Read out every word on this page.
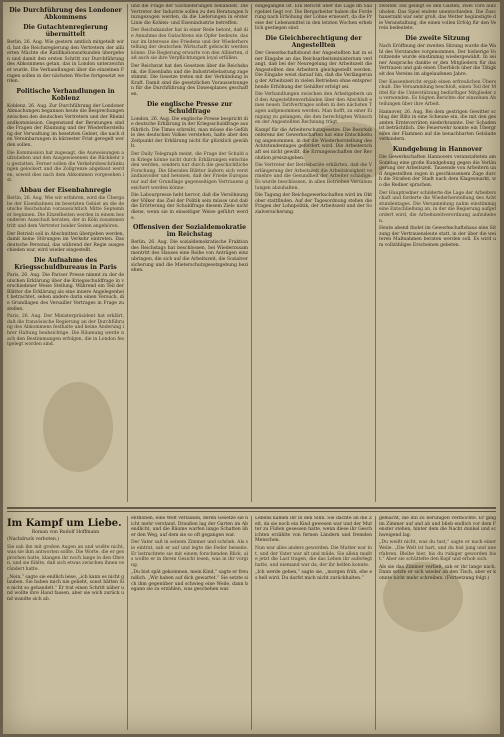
Die Durchführung des Londoner Abkommens
Die Gutachtenregierung übermittelt
Berlin, 26. Aug. Wie gestern amtlich mitgeteilt wird, hat die Reichsregierung den Vertretern der alliierten Mächte die Ratifikationsurkunden übergeben und damit den ersten Schritt zur Durchführung des Abkommens getan, das in London unterzeichnet wurde. Die Verhandlungen über die einzelnen Fragen sollen in der nächsten Woche fortgesetzt werden.
Politische Verhandlungen in Koblenz
Koblenz, 26. Aug. Zur Durchführung der Londoner Abmachungen begannen heute die Besprechungen zwischen den deutschen Vertretern und der Rheinlandkommission. Gegenstand der Beratungen sind die Fragen der Räumung und der Wiederherstellung der Verwaltung im besetzten Gebiet, die nach den Vereinbarungen in kürzester Frist geregelt werden sollen.
Die Kommission hat zugesagt, die Ausweisungen aufzuheben und den Ausgewiesenen die Rückkehr zu gestatten. Ferner sollen die Verkehrsbeschränkungen gelockert und die Zollgrenze abgebaut werden, soweit dies nach dem Abkommen vorgesehen ist.
Abbau der Eisenbahnregie
Berlin, 26. Aug. Wie wir erfahren, wird die Übergabe der Eisenbahnen im besetzten Gebiet an die deutsche Reichsbahn voraussichtlich Mitte September beginnen. Die Einzelheiten werden in einem besonderen Ausschuß beraten, der in Köln zusammentritt und dem Vertreter beider Seiten angehören.
Der Betrieb soll in Abschnitten übergeben werden, damit keine Störungen im Verkehr eintreten. Das deutsche Personal, das während der Regie ausgeschieden war, wird wieder eingestellt.
Die Aufnahme des Kriegsschuldbureaus in Paris
Paris, 26. Aug. Die Pariser Presse nimmt zu der deutschen Erklärung über die Kriegsschuldfrage in verschiedener Weise Stellung. Während ein Teil der Blätter die Erklärung als eine innere Angelegenheit betrachtet, sehen andere darin einen Versuch, die Grundlagen des Versailler Vertrages in Frage zu stellen.
Paris, 26. Aug. Der Ministerpräsident hat erklärt, daß die französische Regierung an der Durchführung des Abkommens festhalte und keine Änderung ihrer Haltung beabsichtige. Die Räumung werde nach den Bestimmungen erfolgen, die in London festgelegt worden sind.
und die Frage der Sachlieferungen behandelt. Die Vertreter der Industrie sollen zu den Beratungen hinzugezogen werden, da die Lieferungen in erster Linie die Kohlen- und Eisenindustrie betreffen.
Der Reichskanzler hat in einer Rede betont, daß die Annahme des Gutachtens ein Opfer bedeute, das nur im Interesse des Friedens und der Wiederherstellung der deutschen Wirtschaft gebracht werden könne. Die Regierung erwarte von den Alliierten, daß auch sie ihre Verpflichtungen loyal erfüllen.
Der Reichsrat hat den Gesetzen über die Reichsbank, die Eisenbahn und die Industriebelastung zugestimmt. Die Gesetze treten mit der Verkündung in Kraft. Damit sind die gesetzlichen Voraussetzungen für die Durchführung des Dawesplanes geschaffen.
Die englische Presse zur Schuldfrage
London, 26. Aug. Die englische Presse bespricht die deutsche Erklärung in der Kriegsschuldfrage ausführlich. Die Times schreibt, man müsse die Gefühle des deutschen Volkes verstehen, halte aber den Zeitpunkt der Erklärung nicht für glücklich gewählt.
Der Daily Telegraph meint, die Frage der Schuld am Kriege könne nicht durch Erklärungen entschieden werden, sondern nur durch die geschichtliche Forschung. Die liberalen Blätter äußern sich verständnisvoller und betonen, daß der Friede Europas nur auf der Grundlage gegenseitigen Vertrauens gesichert werden könne.
Die Labourpresse hebt hervor, daß die Versöhnung der Völker das Ziel der Politik sein müsse und daß die Erörterung der Schuldfrage diesem Ziele nicht diene, wenn sie in einseitiger Weise geführt werde.
Offensiven der Sozialdemokratie im Reichstag
Berlin, 26. Aug. Die sozialdemokratische Fraktion des Reichstags hat beschlossen, bei Wiederzusammentritt des Hauses eine Reihe von Anträgen einzubringen, die sich auf die Arbeitszeit, die Sozialversicherung und die Mieterschutzgesetzgebung beziehen.
eingegangen ist. Ein Bericht über die Lage im Saargebiet liegt vor. Die Bergarbeiter haben die Forderung nach Erhöhung der Löhne erneuert, da die Preise der Lebensmittel in den letzten Wochen erheblich gestiegen sind.
Die Gleichberechtigung der Angestellten
Der Gewerkschaftsbund der Angestellten hat in einer Eingabe an das Reichsarbeitsministerium verlangt, daß bei der Neuregelung der Arbeitszeit die Angestellten den Arbeitern gleichgestellt werden. Die Eingabe weist darauf hin, daß die Verlängerung der Arbeitszeit in vielen Betrieben ohne entsprechende Erhöhung der Gehälter erfolgt sei.
Die Verhandlungen zwischen den Arbeitgebern und den Angestelltenverbänden über den Abschluß eines neuen Tarifvertrages sollen in den nächsten Tagen aufgenommen werden. Man hofft, zu einer Einigung zu gelangen, die den berechtigten Wünschen der Angestellten Rechnung trägt.
Kampf für die Arbeiterschutzgesetze. Die Bezirkskonferenz der Gewerkschaften hat eine Entschließung angenommen, in der die Wiederherstellung des Achtstundentages gefordert wird. Die Arbeiterschaft sei nicht gewillt, die Errungenschaften der Revolution preiszugeben.
Die Vertreter der Betriebsräte erklärten, daß die Verlängerung der Arbeitszeit die Arbeitslosigkeit vermehre und die Gesundheit der Arbeiter schädige. Es wurde beschlossen, in allen Betrieben Versammlungen abzuhalten.
Die Tagung der Reichsgewerkschaften wird im Oktober stattfinden. Auf der Tagesordnung stehen die Fragen der Lohnpolitik, der Arbeitszeit und der Sozialversicherung.
zweiten Teil gelingt es den Gästen, zwei Tore aufzuholen. Das Spiel endete unentschieden. Die Zuschauerzahl war sehr groß, das Wetter begünstigte die Veranstaltung, die einen vollen Erfolg für den Verein bedeutete.
Die zweite Sitzung
Nach Eröffnung der zweiten Sitzung wurde die Wahl des Vorstandes vorgenommen. Der bisherige Vorsitzende wurde einstimmig wiedergewählt. In seiner Ansprache dankte er den Mitgliedern für das Vertrauen und gab einen Überblick über die Tätigkeit des Vereins im abgelaufenen Jahre.
Der Kassenbericht ergab einen erfreulichen Überschuß. Die Versammlung beschloß, einen Teil der Mittel für die Unterstützung bedürftiger Mitglieder zu verwenden. Es folgten Berichte der einzelnen Abteilungen über ihre Arbeit.
Hannover, 26. Aug. Bei dem gestrigen Gewitter schlug der Blitz in eine Scheune ein, die mit den gesamten Erntevorräten niederbrannte. Der Schaden ist beträchtlich. Die Feuerwehr konnte ein Übergreifen der Flammen auf die benachbarten Gebäude verhindern.
Kundgebung in Hannover
Die Gewerkschaften Hannovers veranstalteten am Sonntag eine große Kundgebung gegen die Verlängerung der Arbeitszeit. Tausende von Arbeitern und Angestellten zogen in geschlossenem Zuge durch die Straßen der Stadt nach dem Klagesmarkt, wo die Redner sprachen.
Der Hauptredner schilderte die Lage der Arbeiterschaft und forderte die Wiederherstellung des Achtstundentages. Die Versammlung nahm einstimmig eine Entschließung an, in der die Regierung aufgefordert wird, die Arbeitszeitverordnung aufzuheben.
Heute abend findet im Gewerkschaftshaus eine Sitzung der Vertrauensleute statt, in der über die weiteren Maßnahmen beraten werden soll. Es wird um vollzähliges Erscheinen gebeten.
Im Kampf um Liebe.
Roman von Rudolf Hoffmann
(Nachdruck verboten.)
Sie sah ihn mit großen Augen an und wußte nicht, was sie ihm antworten sollte. Die Worte, die er gesprochen hatte, klangen ihr noch lange in den Ohren, und sie fühlte, daß sich etwas zwischen ihnen verändert hatte.
„Nein,“ sagte sie endlich leise, „ich kann es nicht glauben. Sie haben mich nie geliebt, sonst hätten Sie nicht so gehandelt.“ Er trat einen Schritt näher und wollte ihre Hand fassen, aber sie wich zurück und wandte sich ab.
entflohen, eine Welt verlassen, deren Gesetze sie nicht mehr verstand. Draußen lag der Garten im Abendlicht, und die Bäume warfen lange Schatten über den Weg, auf dem sie so oft gegangen war.
Der Vater saß in seinem Zimmer und schrieb. Als sie eintrat, sah er auf und legte die Feder beiseite. Er betrachtete sie mit einem forschenden Blick, als wollte er in ihrem Gesicht lesen, was in ihr vorging.
„Du bist spät gekommen, mein Kind,“ sagte er freundlich. „Wir haben auf dich gewartet.“ Sie setzte sich ihm gegenüber und schwieg eine Weile, dann begann sie zu erzählen, was geschehen war.
Lebens kamen ihr in den Sinn. Sie dachte an die Zeit, da sie noch ein Kind gewesen war und der Mutter zu Füßen gesessen hatte, wenn diese ihr Geschichten erzählte von fernen Ländern und fremden Menschen.
Nun war alles anders geworden. Die Mutter war tot, und der Vater war alt und müde. Sie allein mußte jetzt die Last tragen, die das Leben ihr auferlegt hatte, und niemand war da, der ihr helfen konnte.
„Ich werde gehen,“ sagte sie, „morgen früh, ehe es hell wird. Du darfst mich nicht zurückhalten.“
gemacht, die ihn zu beruhigen vermochte. Er ging im Zimmer auf und ab und blieb endlich vor dem Fenster stehen, hinter dem die Nacht dunkel und schweigend lag.
„Du weißt nicht, was du tust,“ sagte er nach einer Weile. „Die Welt ist hart, und du bist jung und unerfahren. Bleibe hier, bis du ruhiger geworden bist.“ Aber sie schüttelte den Kopf und erhob sich.
Als sie das Zimmer verließ, sah er ihr lange nach. Dann setzte er sich wieder an den Tisch, aber er konnte nicht mehr schreiben. (Fortsetzung folgt.)
